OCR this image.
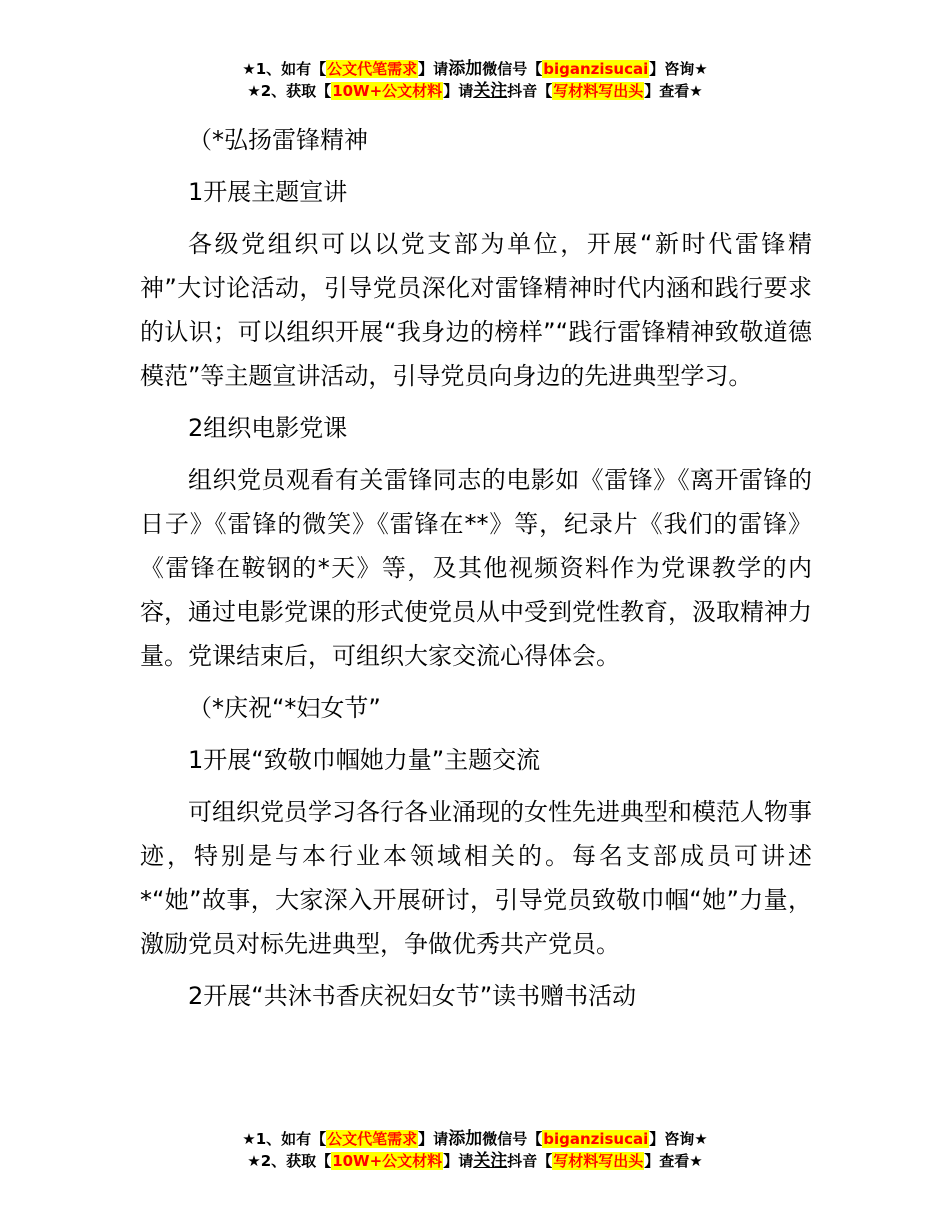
★1、如有【公文代笔需求】请添加微信号【biganzisucai】咨询★
★2、获取【10W+公文材料】请关注抖音【写材料写出头】查看★

（*弘扬雷锋精神

1开展主题宣讲

各级党组织可以以党支部为单位，开展“新时代雷锋精神”大讨论活动，引导党员深化对雷锋精神时代内涵和践行要求的认识；可以组织开展“我身边的榜样”“践行雷锋精神致敬道德模范”等主题宣讲活动，引导党员向身边的先进典型学习。

2组织电影党课

组织党员观看有关雷锋同志的电影如《雷锋》《离开雷锋的日子》《雷锋的微笑》《雷锋在**》等，纪录片《我们的雷锋》《雷锋在鞍钢的*天》等，及其他视频资料作为党课教学的内容，通过电影党课的形式使党员从中受到党性教育，汲取精神力量。党课结束后，可组织大家交流心得体会。

（*庆祝“*妇女节”

1开展“致敬巾帼她力量”主题交流

可组织党员学习各行各业涌现的女性先进典型和模范人物事迹，特别是与本行业本领域相关的。每名支部成员可讲述*“她”故事，大家深入开展研讨，引导党员致敬巾帼“她”力量，激励党员对标先进典型，争做优秀共产党员。

2开展“共沐书香庆祝妇女节”读书赠书活动

★1、如有【公文代笔需求】请添加微信号【biganzisucai】咨询★
★2、获取【10W+公文材料】请关注抖音【写材料写出头】查看★
